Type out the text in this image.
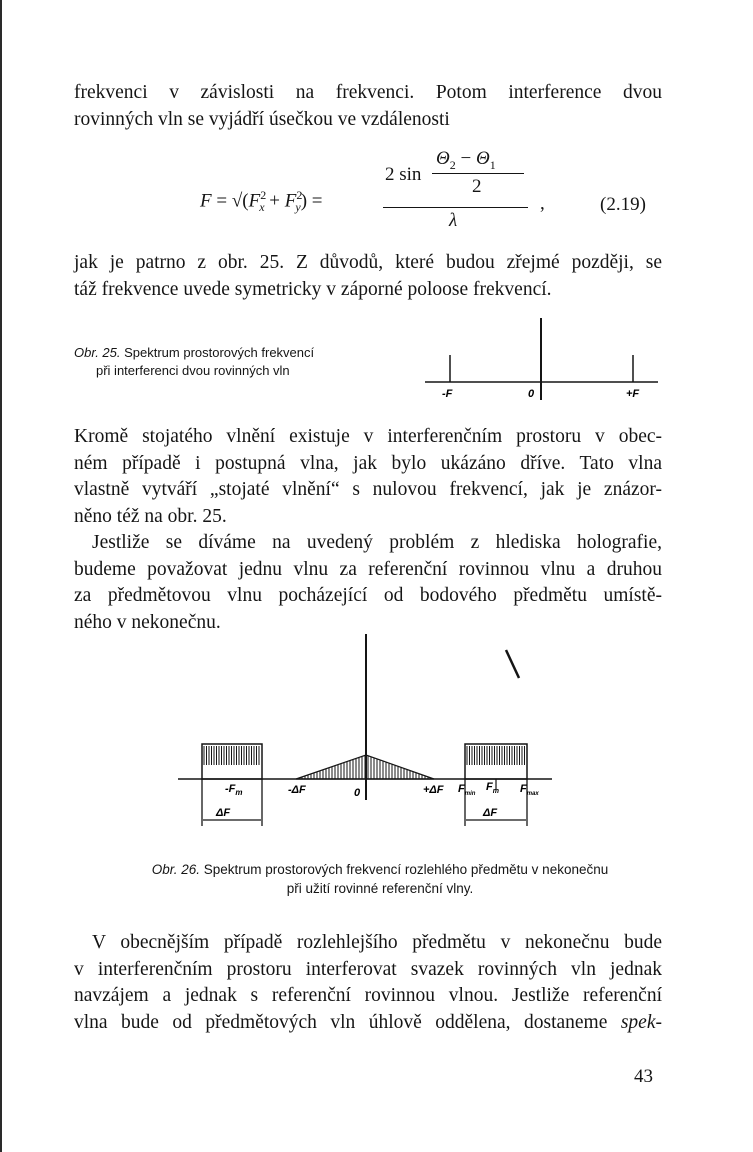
frekvenci v závislosti na frekvenci. Potom interference dvou
rovinných vln se vyjádří úsečkou ve vzdálenosti

$F = √(F^2_x + F^2_y)$ =
2 sin
$\Theta_2 - \Theta_1$
2
λ
,	(2.19)

jak je patrno z obr. 25. Z důvodů, které budou zřejmé později, se
táž frekvence uvede symetricky v záporné poloose frekvencí.

Obr. 25. Spektrum prostorových frekvencí
při interferenci dvou rovinných vln
-F	0	+F

Kromě stojatého vlnění existuje v interferenčním prostoru v obec-
ném případě i postupná vlna, jak bylo ukázáno dříve. Tato vlna
vlastně vytváří „stojaté vlnění“ s nulovou frekvencí, jak je znázor-
něno též na obr. 25.

Jestliže se díváme na uvedený problém z hlediska holografie,
budeme považovat jednu vlnu za referenční rovinnou vlnu a druhou
za předmětovou vlnu pocházející od bodového předmětu umístě-
ného v nekonečnu.

$-F_m$	-ΔF	0	+ΔF $F_{min}$
$F_m$ $F_{max}$
ΔF	ΔF
Obr. 26. Spektrum prostorových frekvencí rozlehlého předmětu v nekonečnu
při užití rovinné referenční vlny.

V obecnějším případě rozlehlejšího předmětu v nekonečnu bude
v interferenčním prostoru interferovat svazek rovinných vln jednak
navzájem a jednak s referenční rovinnou vlnou. Jestliže referenční
vlna bude od předmětových vln úhlově oddělena, dostaneme spek-

43
